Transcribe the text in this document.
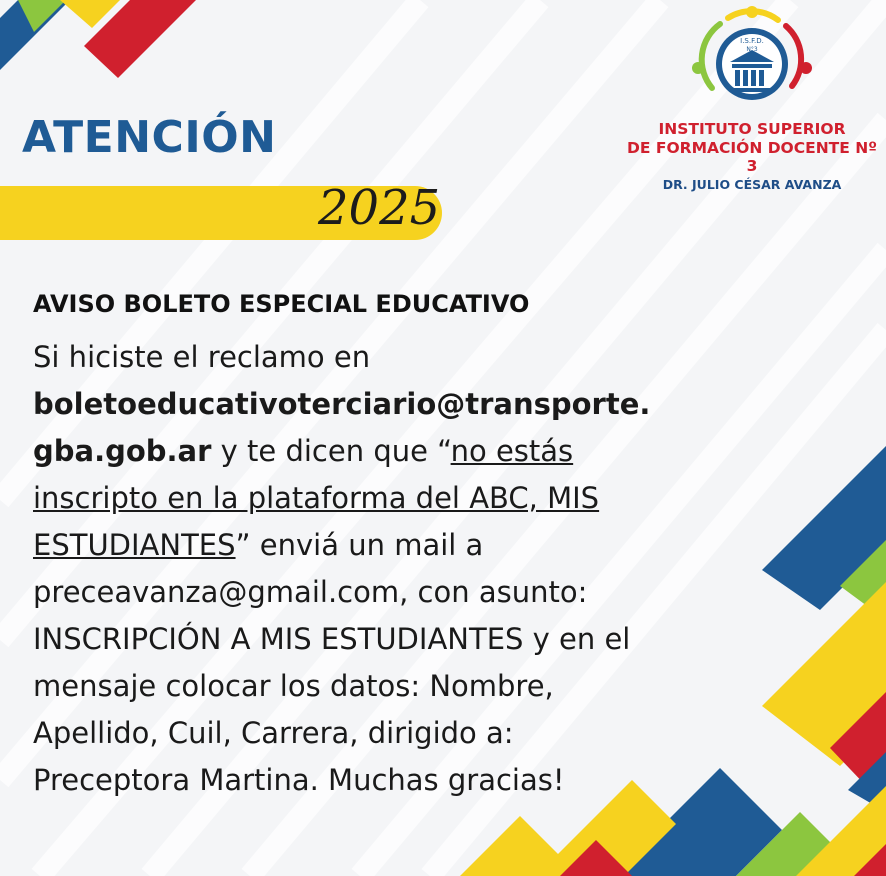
ATENCIÓN
2025
I.S.F.D.
N°3
INSTITUTO SUPERIOR
DE FORMACIÓN DOCENTE Nº 3
DR. JULIO CÉSAR AVANZA
AVISO BOLETO ESPECIAL EDUCATIVO

Si hiciste el reclamo en
boletoeducativoterciario@transporte.
gba.gob.ar y te dicen que “no estás
inscripto en la plataforma del ABC, MIS
ESTUDIANTES” enviá un mail a
preceavanza@gmail.com, con asunto:
INSCRIPCIÓN A MIS ESTUDIANTES y en el
mensaje colocar los datos: Nombre,
Apellido, Cuil, Carrera, dirigido a:
Preceptora Martina. Muchas gracias!
